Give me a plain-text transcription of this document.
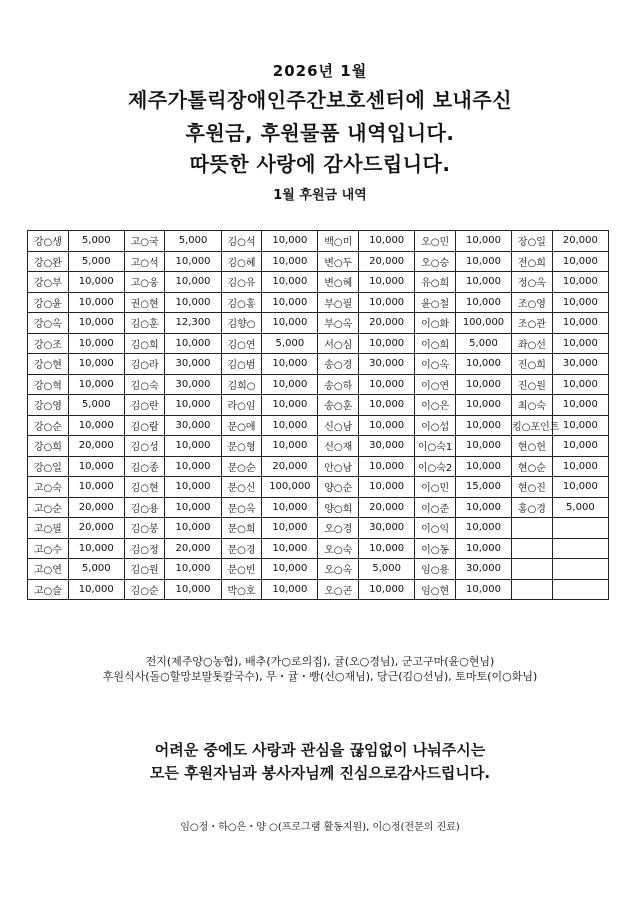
2026년 1월
제주가톨릭장애인주간보호센터에 보내주신
후원금, 후원물품 내역입니다.
따뜻한 사랑에 감사드립니다.
1월 후원금 내역
강○생	5,000	고○국	5,000	김○석	10,000	백○미	10,000	오○민	10,000	장○일	20,000
강○완	5,000	고○석	10,000	김○혜	10,000	변○두	20,000	오○승	10,000	전○희	10,000
강○부	10,000	고○웅	10,000	김○유	10,000	변○혜	10,000	유○희	10,000	정○옥	10,000
강○윤	10,000	권○현	10,000	김○홍	10,000	부○필	10,000	윤○철	10,000	조○영	10,000
강○옥	10,000	김○훈	12,300	김향○	10,000	부○옥	20,000	이○화	100,000	조○관	10,000
강○조	10,000	김○희	10,000	김○연	5,000	서○심	10,000	이○희	5,000	좌○선	10,000
강○현	10,000	김○라	30,000	김○범	10,000	송○경	30,000	이○옥	10,000	진○희	30,000
강○혁	10,000	김○숙	30,000	김희○	10,000	송○하	10,000	이○연	10,000	진○원	10,000
강○영	5,000	김○란	10,000	라○임	10,000	송○훈	10,000	이○은	10,000	최○숙	10,000
강○순	10,000	김○람	30,000	문○애	10,000	신○남	10,000	이○섭	10,000	킹○포인트	10,000
강○희	20,000	김○성	10,000	문○형	10,000	신○재	30,000	이○숙1	10,000	현○헌	10,000
강○일	10,000	김○종	10,000	문○순	20,000	안○남	10,000	이○숙2	10,000	현○순	10,000
고○숙	10,000	김○현	10,000	문○신	100,000	양○순	10,000	이○민	15,000	현○진	10,000
고○순	20,000	김○용	10,000	문○옥	10,000	양○희	20,000	이○준	10,000	홍○경	5,000
고○필	20,000	김○봉	10,000	문○희	10,000	오○경	30,000	이○익	10,000		
고○수	10,000	김○정	20,000	문○경	10,000	오○숙	10,000	이○동	10,000		
고○연	5,000	김○원	10,000	문○빈	10,000	오○옥	5,000	임○용	30,000		
고○슬	10,000	김○순	10,000	박○호	10,000	오○곤	10,000	임○현	10,000		
전지(제주양○농협), 배추(가○로의집), 귤(오○경님), 군고구마(윤○현님)
후원식사(돌○할망보말톳칼국수), 무・귤・빵(신○재님), 당근(김○선님), 토마토(이○화님)
어려운 중에도 사랑과 관심을 끊임없이 나눠주시는
모든 후원자님과 봉사자님께 진심으로감사드립니다.
임○정・하○은・양 ○(프로그램 활동지원), 이○정(전문의 진료)
